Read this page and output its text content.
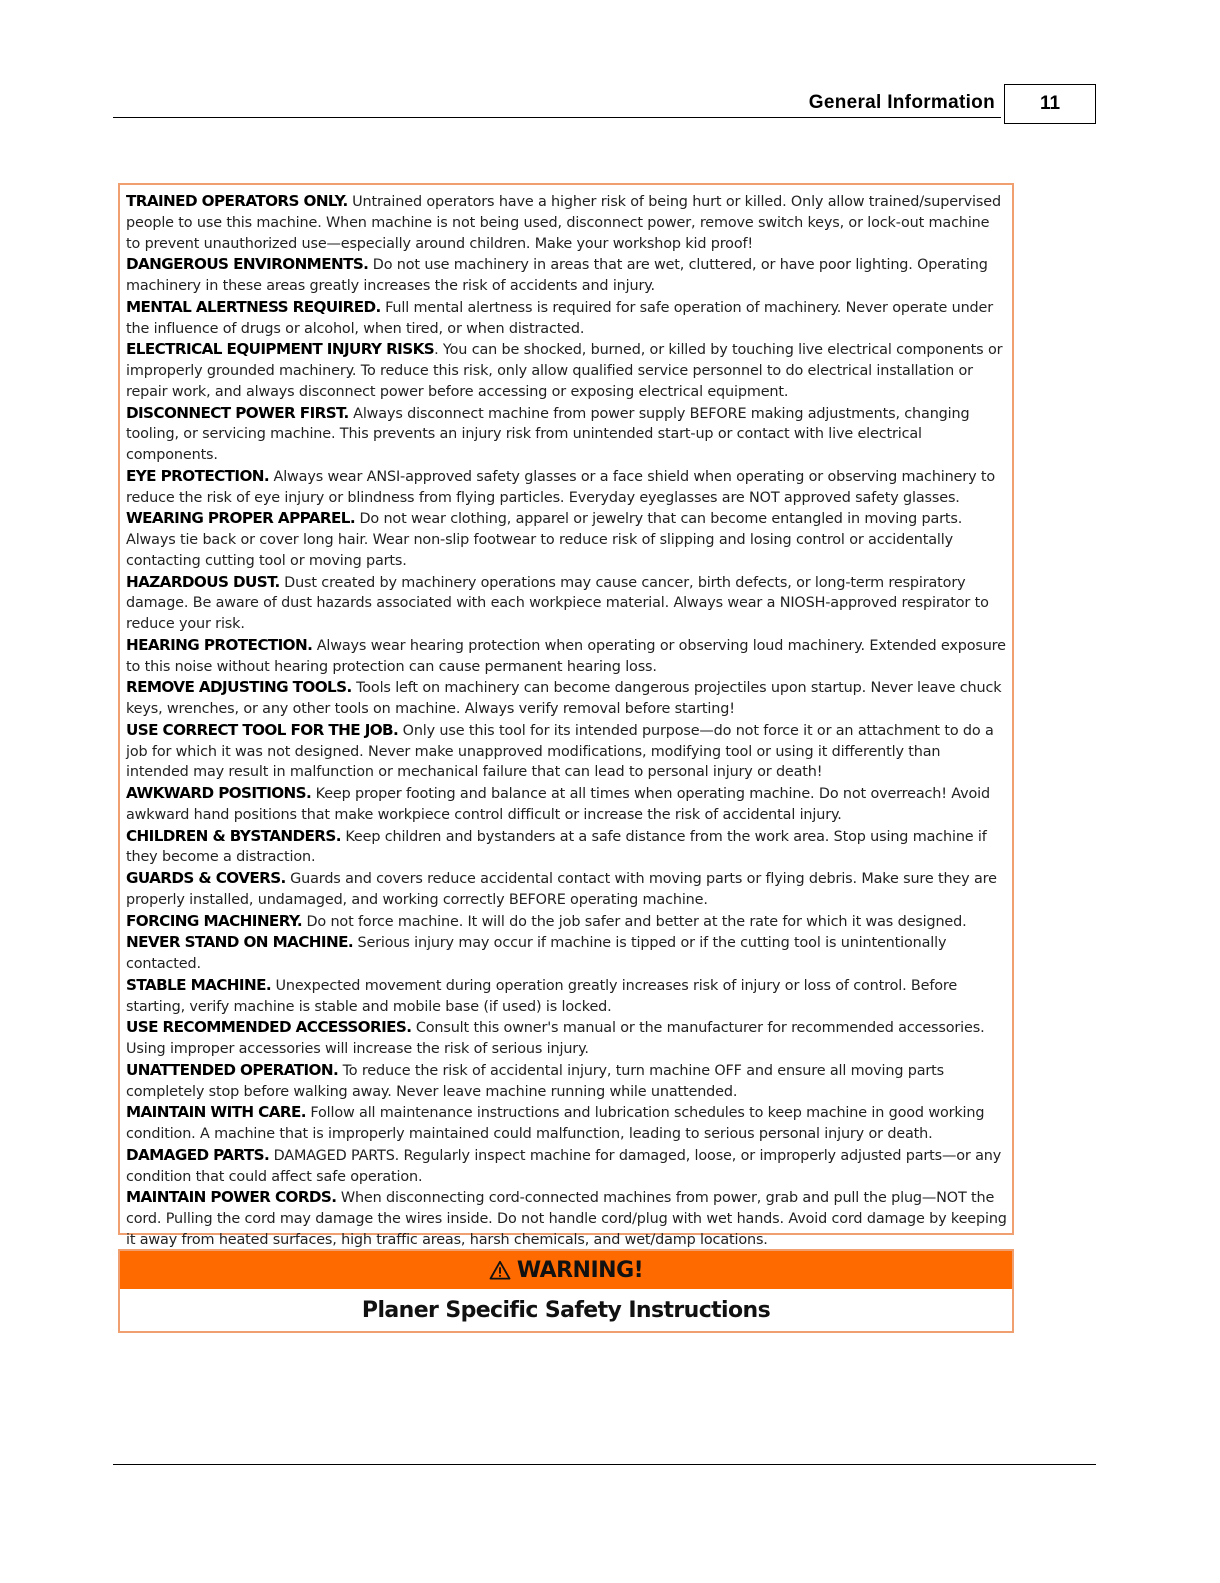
General Information	11

TRAINED OPERATORS ONLY. Untrained operators have a higher risk of being hurt or killed. Only allow trained/supervised people to use this machine. When machine is not being used, disconnect power, remove switch keys, or lock-out machine to prevent unauthorized use—especially around children. Make your workshop kid proof!

DANGEROUS ENVIRONMENTS. Do not use machinery in areas that are wet, cluttered, or have poor lighting. Operating machinery in these areas greatly increases the risk of accidents and injury.

MENTAL ALERTNESS REQUIRED. Full mental alertness is required for safe operation of machinery. Never operate under the influence of drugs or alcohol, when tired, or when distracted.

ELECTRICAL EQUIPMENT INJURY RISKS. You can be shocked, burned, or killed by touching live electrical components or improperly grounded machinery. To reduce this risk, only allow qualified service personnel to do electrical installation or repair work, and always disconnect power before accessing or exposing electrical equipment.

DISCONNECT POWER FIRST. Always disconnect machine from power supply BEFORE making adjustments, changing tooling, or servicing machine. This prevents an injury risk from unintended start-up or contact with live electrical components.

EYE PROTECTION. Always wear ANSI-approved safety glasses or a face shield when operating or observing machinery to reduce the risk of eye injury or blindness from flying particles. Everyday eyeglasses are NOT approved safety glasses.

WEARING PROPER APPAREL. Do not wear clothing, apparel or jewelry that can become entangled in moving parts. Always tie back or cover long hair. Wear non-slip footwear to reduce risk of slipping and losing control or accidentally contacting cutting tool or moving parts.

HAZARDOUS DUST. Dust created by machinery operations may cause cancer, birth defects, or long-term respiratory damage. Be aware of dust hazards associated with each workpiece material. Always wear a NIOSH-approved respirator to reduce your risk.

HEARING PROTECTION. Always wear hearing protection when operating or observing loud machinery. Extended exposure to this noise without hearing protection can cause permanent hearing loss.

REMOVE ADJUSTING TOOLS. Tools left on machinery can become dangerous projectiles upon startup. Never leave chuck keys, wrenches, or any other tools on machine. Always verify removal before starting!

USE CORRECT TOOL FOR THE JOB. Only use this tool for its intended purpose—do not force it or an attachment to do a job for which it was not designed. Never make unapproved modifications, modifying tool or using it differently than intended may result in malfunction or mechanical failure that can lead to personal injury or death!

AWKWARD POSITIONS. Keep proper footing and balance at all times when operating machine. Do not overreach! Avoid awkward hand positions that make workpiece control difficult or increase the risk of accidental injury.

CHILDREN & BYSTANDERS. Keep children and bystanders at a safe distance from the work area. Stop using machine if they become a distraction.

GUARDS & COVERS. Guards and covers reduce accidental contact with moving parts or flying debris. Make sure they are properly installed, undamaged, and working correctly BEFORE operating machine.

FORCING MACHINERY. Do not force machine. It will do the job safer and better at the rate for which it was designed.

NEVER STAND ON MACHINE. Serious injury may occur if machine is tipped or if the cutting tool is unintentionally contacted.

STABLE MACHINE. Unexpected movement during operation greatly increases risk of injury or loss of control. Before starting, verify machine is stable and mobile base (if used) is locked.

USE RECOMMENDED ACCESSORIES. Consult this owner's manual or the manufacturer for recommended accessories. Using improper accessories will increase the risk of serious injury.

UNATTENDED OPERATION. To reduce the risk of accidental injury, turn machine OFF and ensure all moving parts completely stop before walking away. Never leave machine running while unattended.

MAINTAIN WITH CARE. Follow all maintenance instructions and lubrication schedules to keep machine in good working condition. A machine that is improperly maintained could malfunction, leading to serious personal injury or death.

DAMAGED PARTS. DAMAGED PARTS. Regularly inspect machine for damaged, loose, or improperly adjusted parts—or any condition that could affect safe operation.

MAINTAIN POWER CORDS. When disconnecting cord-connected machines from power, grab and pull the plug—NOT the cord. Pulling the cord may damage the wires inside. Do not handle cord/plug with wet hands. Avoid cord damage by keeping it away from heated surfaces, high traffic areas, harsh chemicals, and wet/damp locations.

WARNING!
Planer Specific Safety Instructions
